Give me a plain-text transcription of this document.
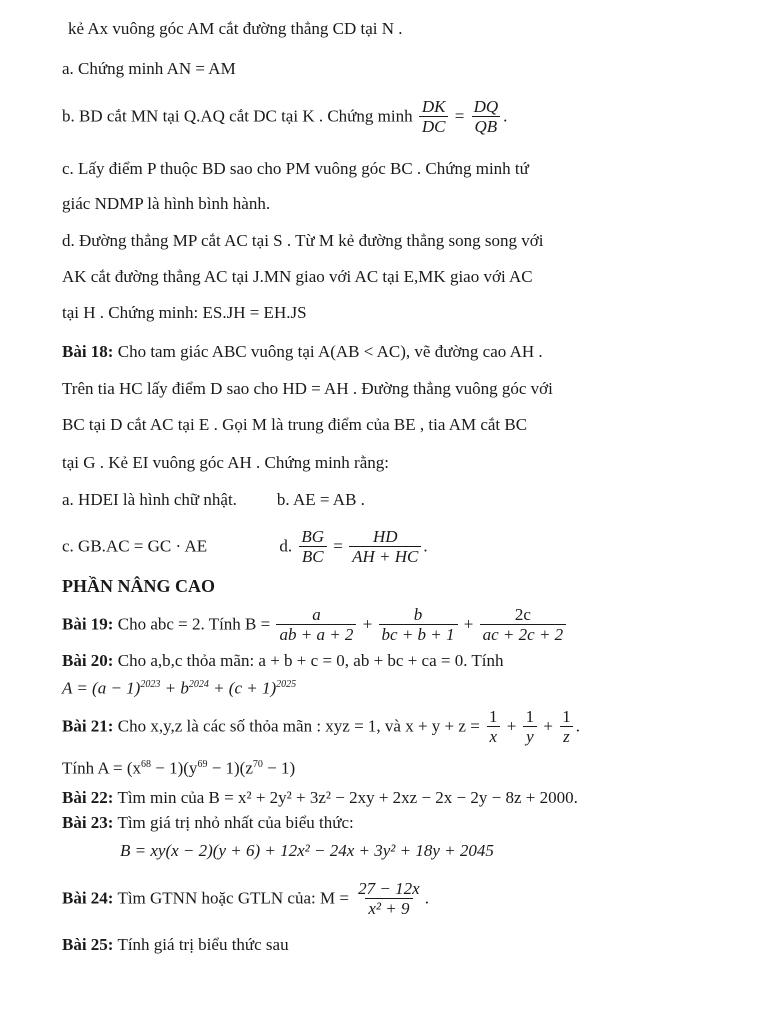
kẻ Ax vuông góc AM cắt đường thẳng CD tại N .
a. Chứng minh AN = AM
b. BD cắt MN tại Q.AQ cắt DC tại K . Chứng minh $\frac{DK}{DC} = \frac{DQ}{QB}$ .
c. Lấy điểm P thuộc BD sao cho PM vuông góc BC . Chứng minh tứ
giác NDMP là hình bình hành.
d. Đường thẳng MP cắt AC tại S . Từ M kẻ đường thẳng song song với
AK cắt đường thẳng AC tại J.MN giao với AC tại E,MK giao với AC
tại H . Chứng minh: ES.JH = EH.JS
Bài 18: Cho tam giác ABC vuông tại A(AB < AC), vẽ đường cao AH .
Trên tia HC lấy điểm D sao cho HD = AH . Đường thẳng vuông góc với
BC tại D cắt AC tại E . Gọi M là trung điểm của BE , tia AM cắt BC
tại G . Kẻ EI vuông góc AH . Chứng minh rằng:
a. HDEI là hình chữ nhật. b. AE = AB .
c. GB.AC = GC · AE	d. $\frac{BG}{BC} = \frac{HD}{AH + HC}$ .
PHẦN NÂNG CAO
Bài 19: Cho abc = 2. Tính $B = \frac{a}{ab + a + 2} + \frac{b}{bc + b + 1} + \frac{2c}{ac + 2c + 2}$
Bài 20: Cho a,b,c thỏa mãn: a + b + c = 0, ab + bc + ca = 0. Tính
$A = (a - 1)^{2023} + b^{2024} + (c + 1)^{2025}$
Bài 21: Cho x,y,z là các số thỏa mãn : xyz = 1, và $x + y + z = \frac{1}{x} + \frac{1}{y} + \frac{1}{z}$ .
Tính $A = (x^{68} - 1)(y^{69} - 1)(z^{70} - 1)$
Bài 22: Tìm min của B = x² + 2y² + 3z² − 2xy + 2xz − 2x − 2y − 8z + 2000.
Bài 23: Tìm giá trị nhỏ nhất của biểu thức:
B = xy(x − 2)(y + 6) + 12x² − 24x + 3y² + 18y + 2045
Bài 24: Tìm GTNN hoặc GTLN của: $M = \frac{27 - 12x}{\text{x² + 9}}$ .
Bài 25: Tính giá trị biểu thức sau
